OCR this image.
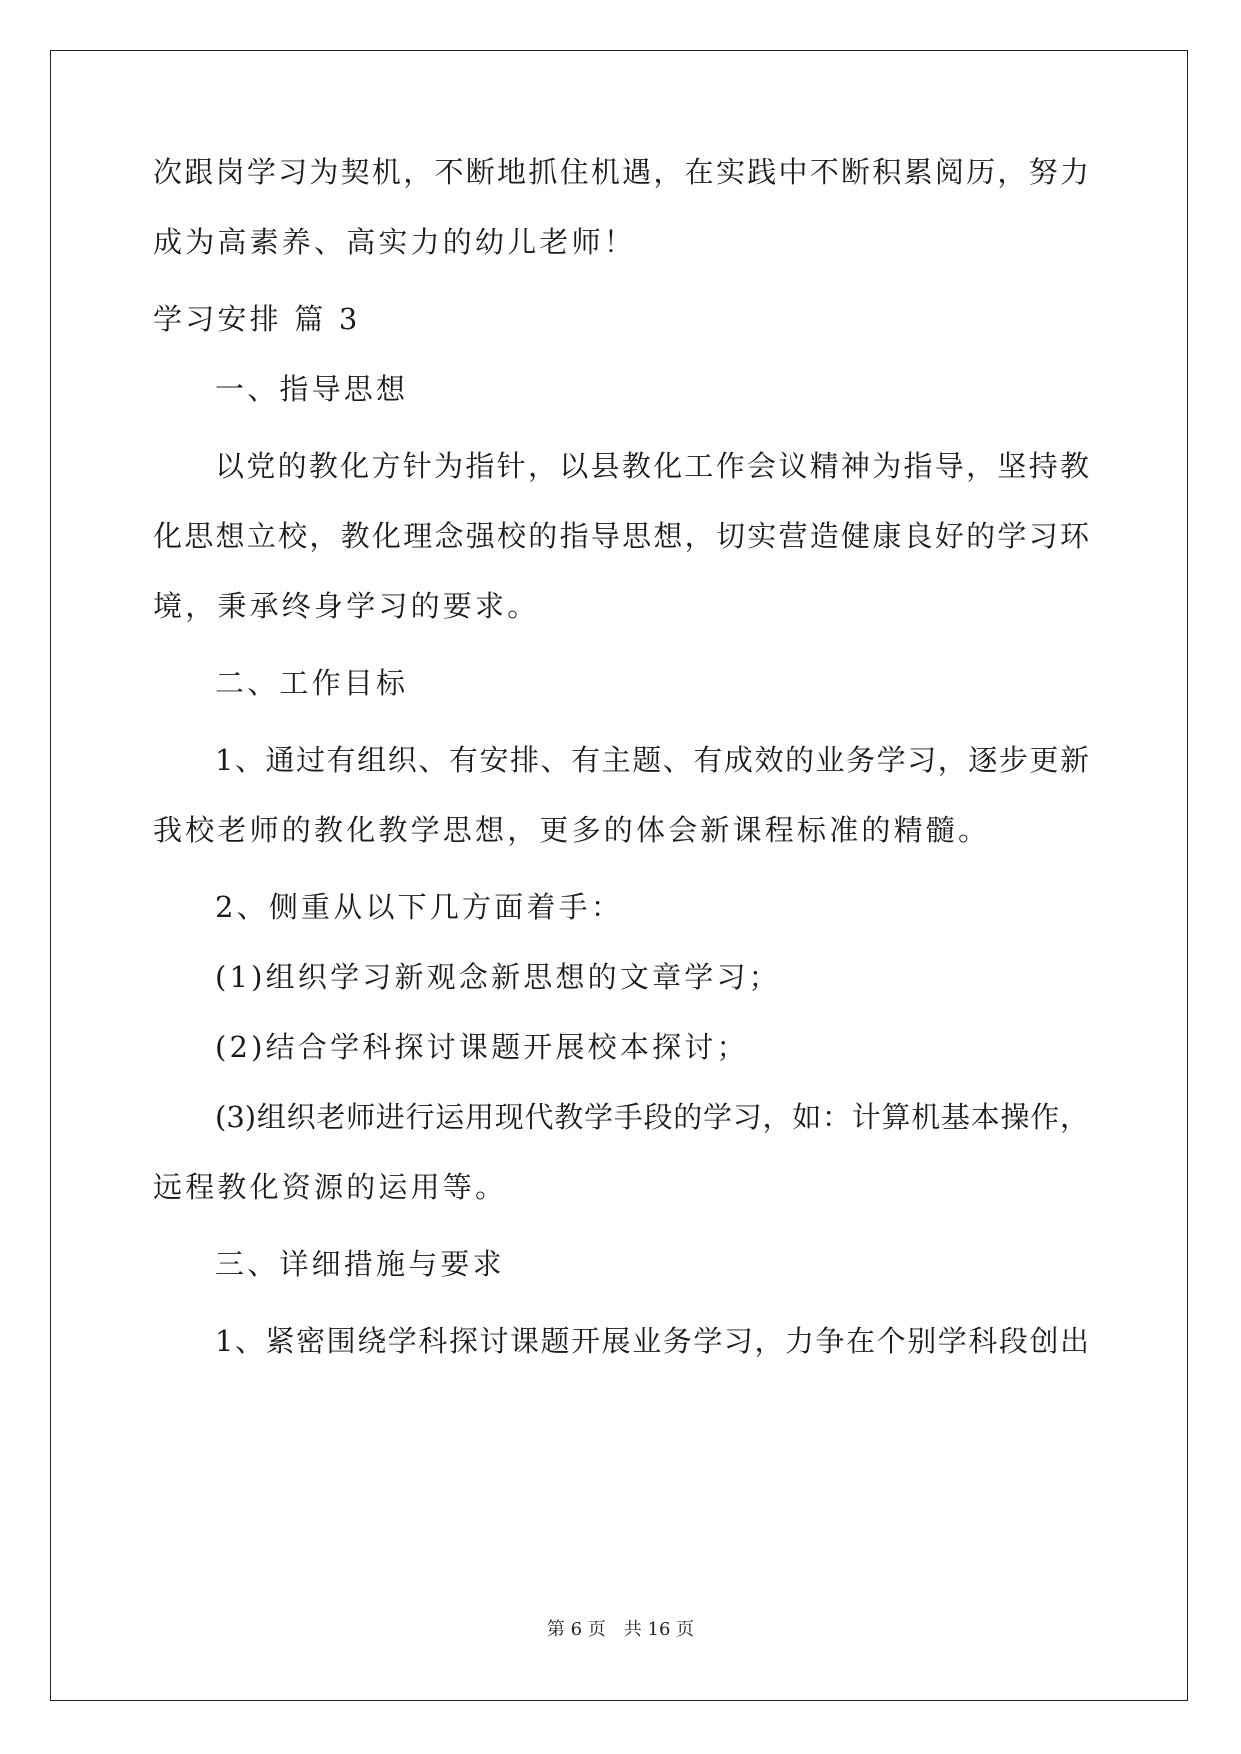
次跟岗学习为契机，不断地抓住机遇，在实践中不断积累阅历，努力
成为高素养、高实力的幼儿老师！
学习安排 篇 3
一、指导思想
以党的教化方针为指针，以县教化工作会议精神为指导，坚持教
化思想立校，教化理念强校的指导思想，切实营造健康良好的学习环
境，秉承终身学习的要求。
二、工作目标
1、通过有组织、有安排、有主题、有成效的业务学习，逐步更新
我校老师的教化教学思想，更多的体会新课程标准的精髓。
2、侧重从以下几方面着手：
(1)组织学习新观念新思想的文章学习；
(2)结合学科探讨课题开展校本探讨；
(3)组织老师进行运用现代教学手段的学习，如：计算机基本操作，
远程教化资源的运用等。
三、详细措施与要求
1、紧密围绕学科探讨课题开展业务学习，力争在个别学科段创出
第 6 页 共 16 页
